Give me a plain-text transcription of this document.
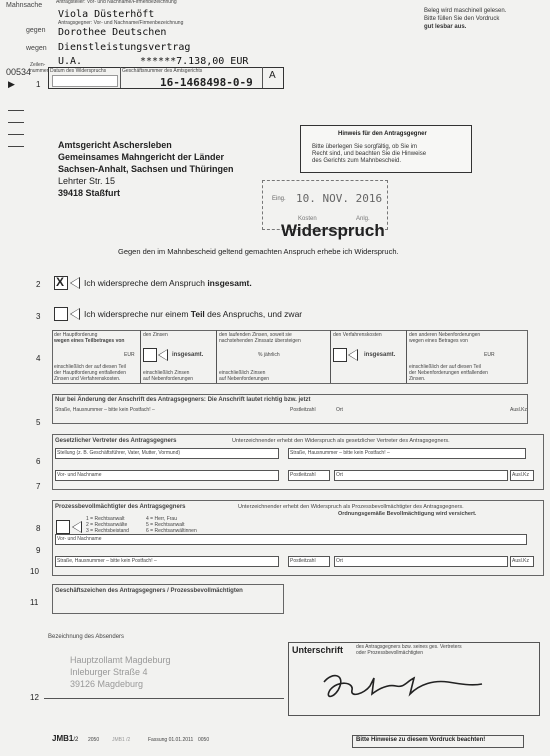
Mahnsache	Antragsteller: Vor- und Nachname/Firmenbezeichnung
Viola Düsterhöft
Antragsgegner: Vor- und Nachname/Firmenbezeichnung
gegen Dorothee Deutschen
wegen Dienstleistungsvertrag
U.A.	******7.138,00 EUR
Zeilen-nummer
00534
▶	1
Datum des Widerspruchs	Geschäftsnummer des Amtsgerichts
16-1468498-0-9
A
Beleg wird maschinell gelesen.
Bitte füllen Sie den Vordruck
gut lesbar aus.
Amtsgericht Aschersleben
Gemeinsames Mahngericht der Länder
Sachsen-Anhalt, Sachsen und Thüringen
Lehrter Str. 15
39418 Staßfurt
Hinweis für den Antragsgegner
Bitte überlegen Sie sorgfältig, ob Sie im
Recht sind, und beachten Sie die Hinweise
des Gerichts zum Mahnbescheid.
Eing. 10. NOV. 2016
Kosten	Anlg.
Widerspruch
Gegen den im Mahnbescheid geltend gemachten Anspruch erhebe ich Widerspruch.
2 X Ich widerspreche dem Anspruch insgesamt.
3	Ich widerspreche nur einem Teil des Anspruchs, und zwar
4
der Hauptforderung
wegen eines Teilbetrages von
EUR
einschließlich der auf diesen Teil
der Hauptforderung entfallenden
Zinsen und Verfahrenskosten.
den Zinsen
insgesamt.
einschließlich Zinsen
auf Nebenforderungen
den laufenden Zinsen, soweit sie
nachstehenden Zinssatz übersteigen
% jährlich
einschließlich Zinsen
auf Nebenforderungen
den Verfahrenskosten
insgesamt.
den anderen Nebenforderungen
wegen eines Betrages von
EUR
einschließlich der auf diesen Teil
der Nebenforderungen entfallenden
Zinsen.
5
Nur bei Änderung der Anschrift des Antragsgegners: Die Anschrift lautet richtig bzw. jetzt
Straße, Hausnummer – bitte kein Postfach! –	Postleitzahl	Ort	Ausl.Kz
6
7
Gesetzlicher Vertreter des Antragsgegners	Unterzeichnender erhebt den Widerspruch als gesetzlicher Vertreter des Antragsgegners.
Stellung (z. B. Geschäftsführer, Vater, Mutter, Vormund)	Straße, Hausnummer – bitte kein Postfach! –
Vor- und Nachname	Postleitzahl	Ort	Ausl.Kz
8
9
10
Prozessbevollmächtigter des Antragsgegners	Unterzeichnender erhebt den Widerspruch als Prozessbevollmächtigter des Antragsgegners.
Ordnungsgemäße Bevollmächtigung wird versichert.
1 = Rechtsanwalt
2 = Rechtsanwälte
3 = Rechtsbeistand
4 = Herr, Frau
5 = Rechtsanwalt
6 = Rechtsanwältinnen
Vor- und Nachname
Straße, Hausnummer – bitte kein Postfach! –	Postleitzahl	Ort	Ausl.Kz
11
Geschäftszeichen des Antragsgegners / Prozessbevollmächtigten
Bezeichnung des Absenders
Hauptzollamt Magdeburg
Inleburger Straße 4
39126 Magdeburg
12
Unterschrift	des Antragsgegners bzw. seines ges. Vertreters
oder Prozessbevollmächtigten
JMB1/2 2050	JMB1 /2	Fassung 01.01.2011 0050	Bitte Hinweise zu diesem Vordruck beachten!
